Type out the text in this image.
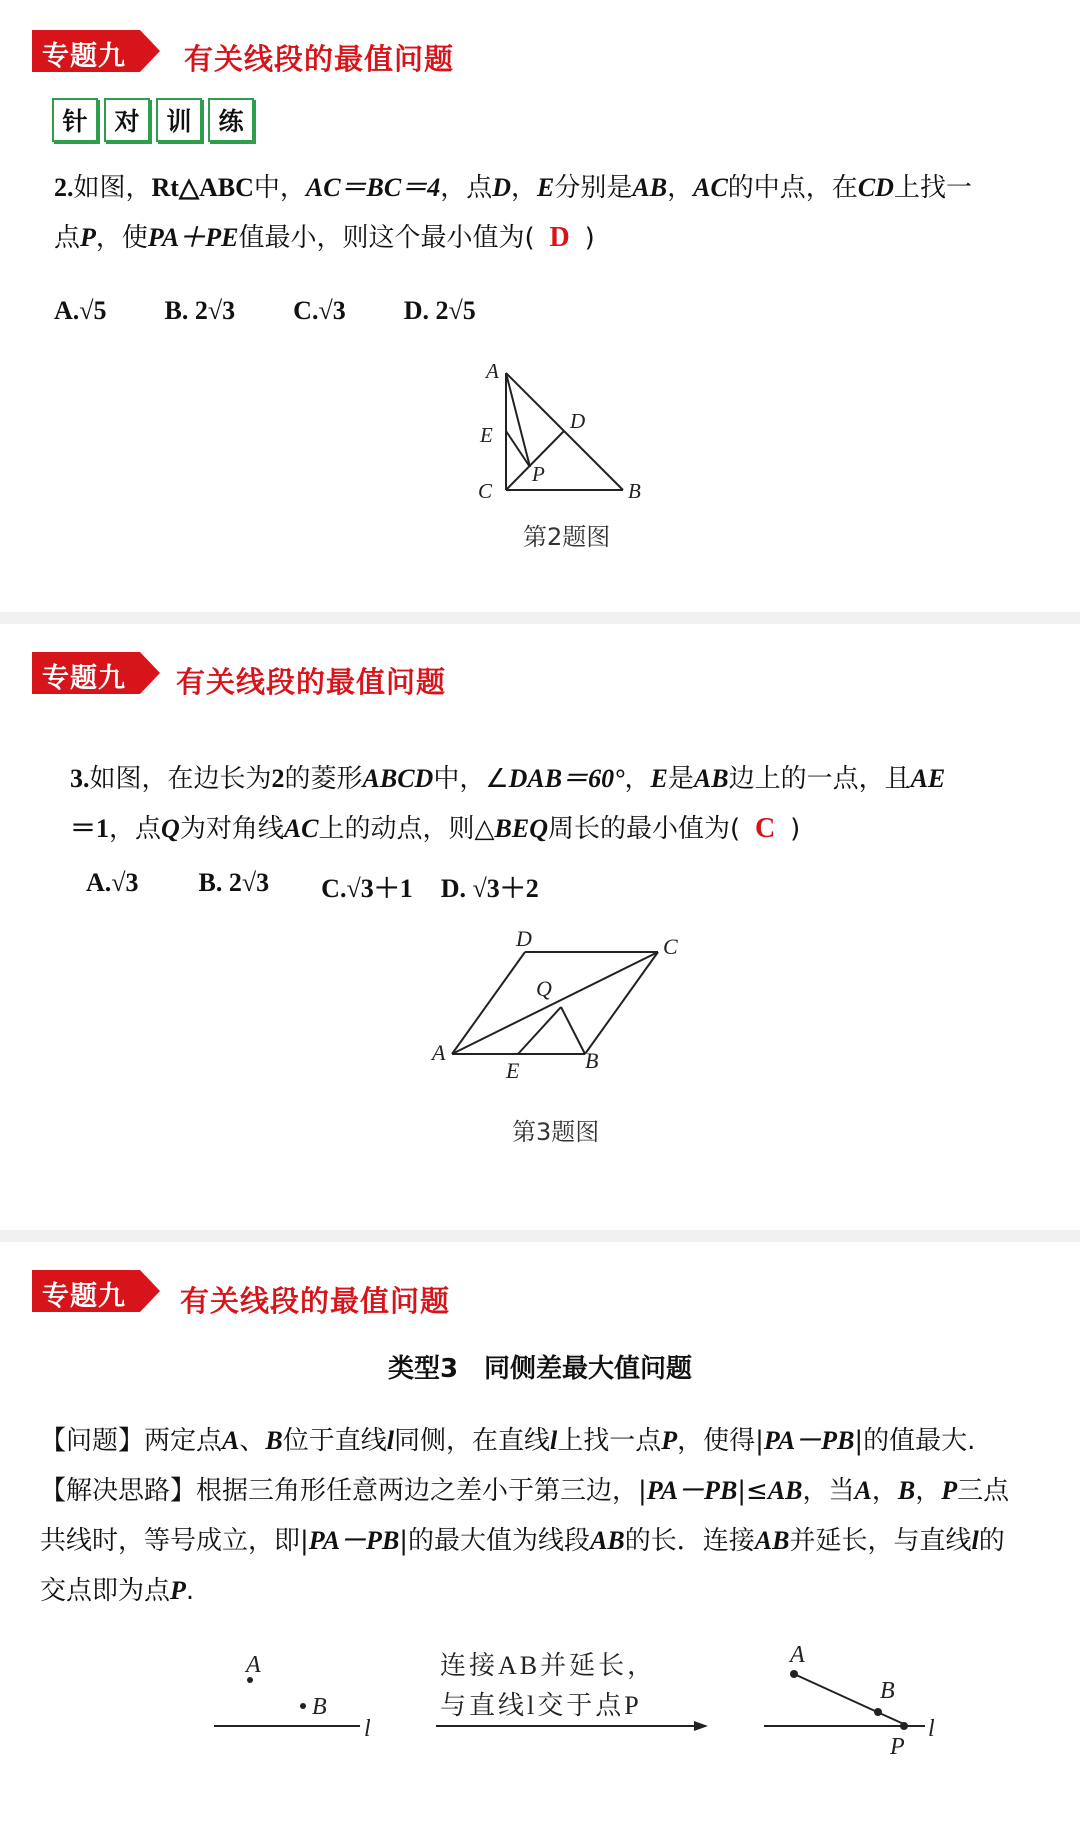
专题九 有关线段的最值问题
针	对	训	练
2.如图，Rt△ABC中，AC＝BC＝4，点D，E分别是AB，AC的中点，在CD上找一
点P，使PA＋PE值最小，则这个最小值为( D )
A.√5 B. 2√3 C.√3 D. 2√5
A
E
C
D
P
B
第2题图
专题九 有关线段的最值问题
3.如图，在边长为2的菱形ABCD中，∠DAB＝60°，E是AB边上的一点，且AE
＝1，点Q为对角线AC上的动点，则△BEQ周长的最小值为( C )
A.√3 B. 2√3 C.√3＋1 D. √3＋2
D	C
Q
A
E	B
第3题图
专题九 有关线段的最值问题
类型3　同侧差最大值问题
【问题】两定点A、B位于直线l同侧，在直线l上找一点P，使得|PA－PB|的值最大.
【解决思路】根据三角形任意两边之差小于第三边，|PA－PB|≤AB，当A，B，P三点
共线时，等号成立，即|PA－PB|的最大值为线段AB的长．连接AB并延长，与直线l的
交点即为点P.
A
B
l
连接AB并延长，
与直线l交于点P
A
B
P
l
